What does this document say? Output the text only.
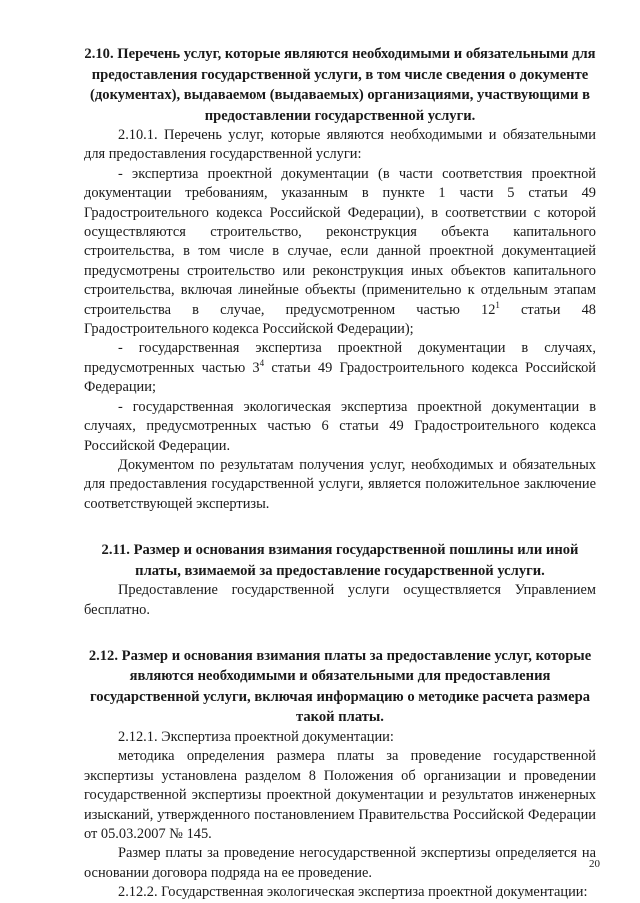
2.10. Перечень услуг, которые являются необходимыми и обязательными для предоставления государственной услуги, в том числе сведения о документе (документах), выдаваемом (выдаваемых) организациями, участвующими в предоставлении государственной услуги.

2.10.1. Перечень услуг, которые являются необходимыми и обязательными для предоставления государственной услуги:

- экспертиза проектной документации (в части соответствия проектной документации требованиям, указанным в пункте 1 части 5 статьи 49 Градостроительного кодекса Российской Федерации), в соответствии с которой осуществляются строительство, реконструкция объекта капитального строительства, в том числе в случае, если данной проектной документацией предусмотрены строительство или реконструкция иных объектов капитального строительства, включая линейные объекты (применительно к отдельным этапам строительства в случае, предусмотренном частью $12^1$ статьи 48 Градостроительного кодекса Российской Федерации);

- государственная экспертиза проектной документации в случаях, предусмотренных частью $3^4$ статьи 49 Градостроительного кодекса Российской Федерации;

- государственная экологическая экспертиза проектной документации в случаях, предусмотренных частью 6 статьи 49 Градостроительного кодекса Российской Федерации.

Документом по результатам получения услуг, необходимых и обязательных для предоставления государственной услуги, является положительное заключение соответствующей экспертизы.

2.11. Размер и основания взимания государственной пошлины или иной платы, взимаемой за предоставление государственной услуги.

Предоставление государственной услуги осуществляется Управлением бесплатно.

2.12. Размер и основания взимания платы за предоставление услуг, которые являются необходимыми и обязательными для предоставления государственной услуги, включая информацию о методике расчета размера такой платы.

2.12.1. Экспертиза проектной документации:

методика определения размера платы за проведение государственной экспертизы установлена разделом 8 Положения об организации и проведении государственной экспертизы проектной документации и результатов инженерных изысканий, утвержденного постановлением Правительства Российской Федерации от 05.03.2007 № 145.

Размер платы за проведение негосударственной экспертизы определяется на основании договора подряда на ее проведение.

2.12.2. Государственная экологическая экспертиза проектной документации:

20
